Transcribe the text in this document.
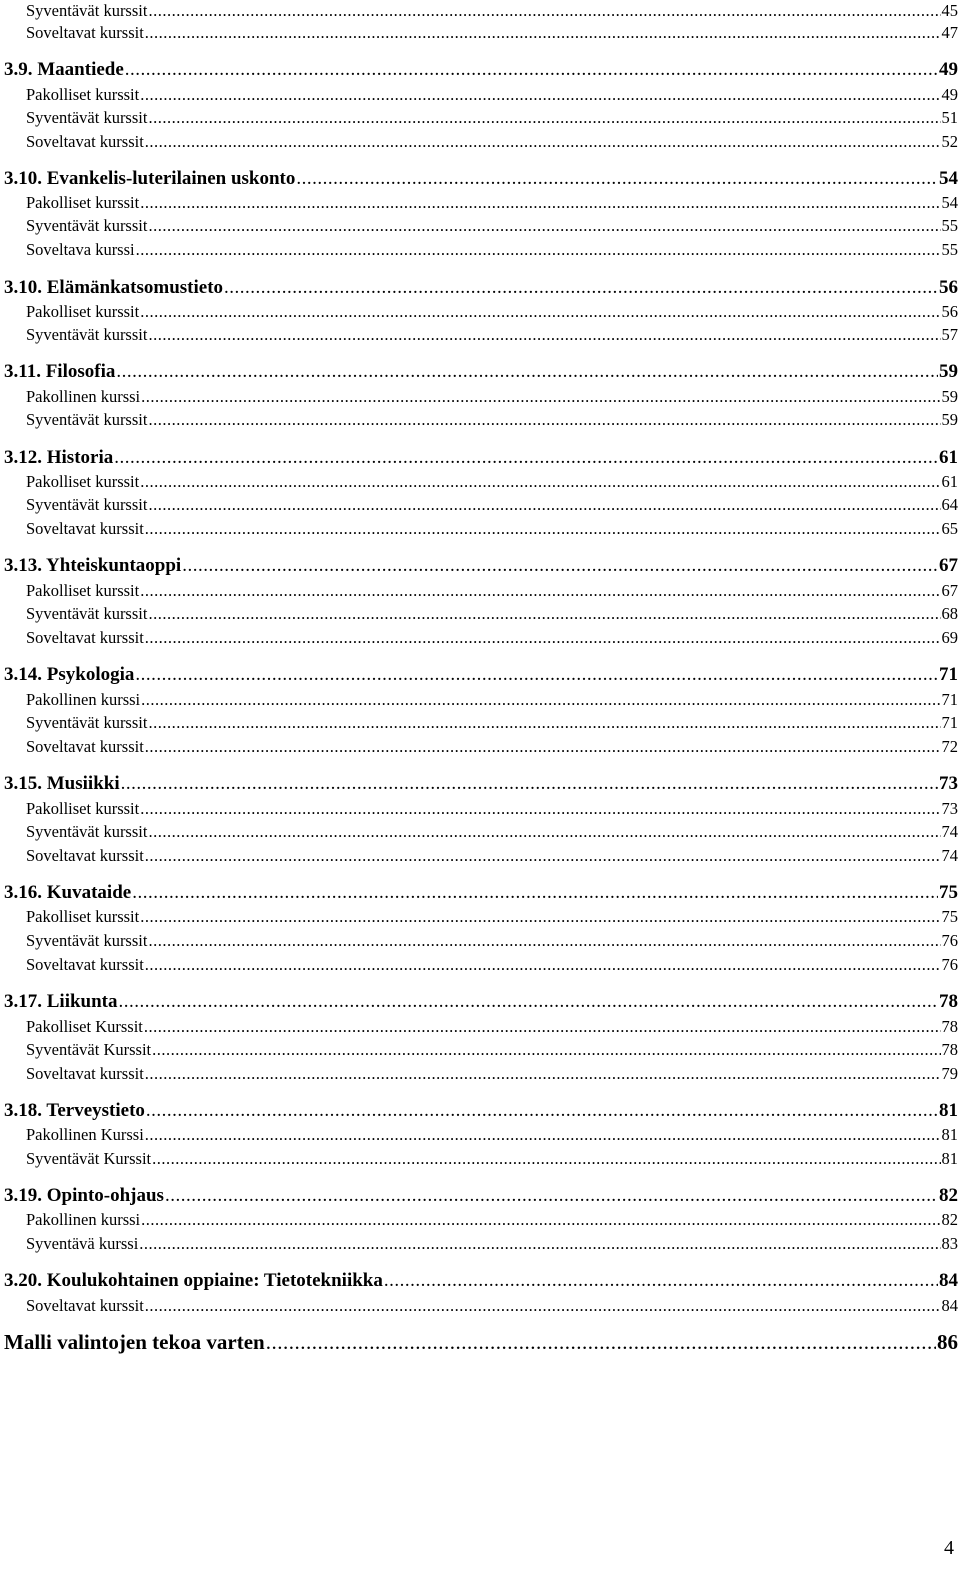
Syventävät kurssit .....	45
Soveltavat kurssit .....	47
3.9. Maantiede .....	49
Pakolliset kurssit .....	49
Syventävät kurssit .....	51
Soveltavat kurssit .....	52
3.10. Evankelis-luterilainen uskonto .....	54
Pakolliset kurssit .....	54
Syventävät kurssit .....	55
Soveltava kurssi .....	55
3.10. Elämänkatsomustieto .....	56
Pakolliset kurssit .....	56
Syventävät kurssit .....	57
3.11. Filosofia .....	59
Pakollinen kurssi .....	59
Syventävät kurssit .....	59
3.12. Historia .....	61
Pakolliset kurssit .....	61
Syventävät kurssit .....	64
Soveltavat kurssit .....	65
3.13. Yhteiskuntaoppi .....	67
Pakolliset kurssit .....	67
Syventävät kurssit .....	68
Soveltavat kurssit .....	69
3.14. Psykologia .....	71
Pakollinen kurssi .....	71
Syventävät kurssit .....	71
Soveltavat kurssit .....	72
3.15. Musiikki .....	73
Pakolliset kurssit .....	73
Syventävät kurssit .....	74
Soveltavat kurssit .....	74
3.16. Kuvataide .....	75
Pakolliset kurssit .....	75
Syventävät kurssit .....	76
Soveltavat kurssit .....	76
3.17. Liikunta .....	78
Pakolliset Kurssit .....	78
Syventävät Kurssit .....	78
Soveltavat kurssit .....	79
3.18. Terveystieto .....	81
Pakollinen Kurssi .....	81
Syventävät Kurssit .....	81
3.19. Opinto-ohjaus .....	82
Pakollinen kurssi .....	82
Syventävä kurssi .....	83
3.20. Koulukohtainen oppiaine: Tietotekniikka .....	84
Soveltavat kurssit .....	84
Malli valintojen tekoa varten .....	86
4
